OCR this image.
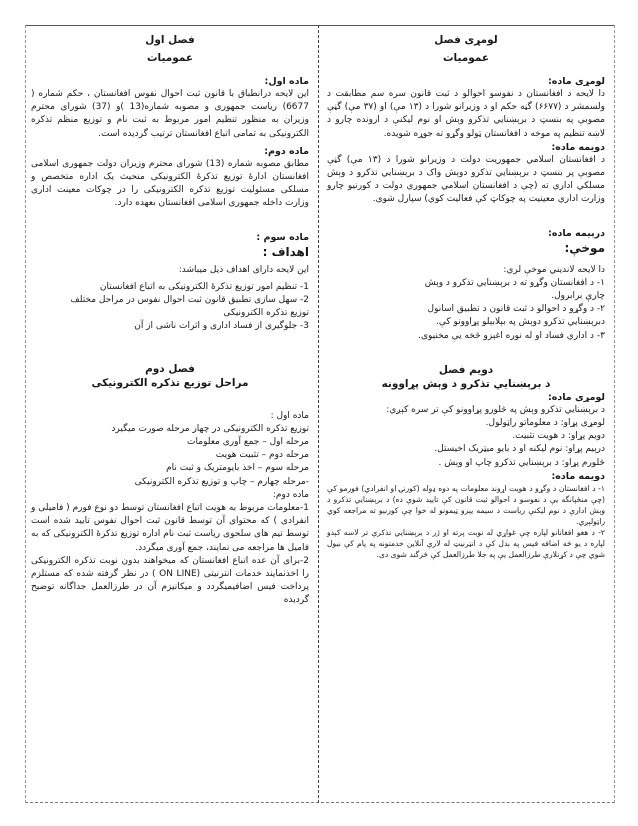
فصل اول

عمومیات

ماده اول:

این لایحه درانطباق با قانون ثبت احوال نفوس افغانستان ، حکم شماره ( 6677) ریاست جمهوری و مصوبه شماره(13 )و (37) شورای محترم وزیران به منظور تنظیم امور مربوط به ثبت نام و توزیع منظم تذکره الکترونیکی به تمامی اتباع افغانستان ترتیب گردیده است.

ماده دوم:

مطابق مصوبه شماره (13) شورای محترم وزیران دولت جمهوری اسلامی افغانستان ادارۀ توزیع تذکرۀ الکترونیکی منحیث یک اداره متخصص و مسلکی مسئولیت توزیع تذکره الکترونیکی را در چوکات معینت اداری وزارت داخله جمهوری اسلامی افغانستان بعهده دارد.

ماده سوم :

اهداف :

این لایحه دارای اهداف ذیل میباشد:

1- تنظیم امور توزیع تذکرۀ الکترونیکی به اتباع افغانستان

2- سهل سازی تطبیق قانون ثبت احوال نفوس در مراحل مختلف

توزیع تذکره الکترونیکی

3- جلوگیری از فساد اداری و اثرات ناشی از آن

فصل دوم

مراحل توزیع تذکره الکترونیکی

ماده اول :

توزیع تذکره الکترونیکی در چهار مرحله صورت میگیرد

مرحله اول – جمع آوری معلومات

مرحله دوم – تثبیت هویت

مرحله سوم – اخذ بایومتریک و ثبت نام

-مرحله چهارم – چاپ و توزیع تذکره الکترونیکی

ماده دوم:

1-معلومات مربوط به هویت اتباع افغانستان توسط دو نوع فورم ( فامیلی و انفرادی ) که محتوای آن توسط قانون ثبت احوال نفوس تایید شده است توسط تیم های سلحوی ریاست ثبت نام اداره توزیع تذکرۀ الکترونیکی که به فامیل ها مراجعه می نمایند، جمع آوری میگردد.

2-برای آن عده اتباع افغانستان که میخواهند بدون نوبت تذکره الکترونیکی را اخذنمایند خدمات انترنیتی (ON LINE ) در نظر گرفته شده که مستلزم پرداخت فیس اضافیمیگردد و میکانیزم آن در طرزالعمل جداگانه توضیح گردیده

لومړی فصل

عمومیات

لومړی ماده:

دا لایحه د افغانستان د نفوسو احوالو د ثبت قانون سره سم مطابقت د ولسمشر د (۶۶۷۷) گڼه حکم او د وزیرانو شورا د (۱۳ مې) او (۳۷ مې) گڼې مصوبې په بنسټ د برېښنايي تذکرو وېش او نوم ليکنې د ارونده چارو د لاښه تنظیم په موخه د افغانستان ټولو وگړو ته جوړه شويده.

دویمه ماده:

د افغانستان اسلامي جمهوريت دولت د وزيرانو شورا د (۱۳ مې) گڼې مصوبې پر بنسټ د برېښنايي تذکرو دوېش واک د برېښنايي تذکرو د وېش مسلکي اداري ته (چې د افغانستان اسلامي جمهوري دولت د کورنيو چارو وزارت اداري معينيت په چوکاټ کې فعاليت کوي) سپارل شوی.

درېیمه ماده:

موخې:

دا لایحه لاندیني موخې لري:

۱- د افغانستان وگړو ته د برېښنايي تذکرو د وېش

چارې برابرول.

۲- د وگړو د احوالو د ثبت قانون د تطبيق اسانول

دبرېښنايي تذکرو دوېش په بېلابېلو پړاوونو کې.

۳- د اداري فساد او له نوره اغېزو څخه يې مخنيوی.

دویم فصل

د برېښنايي تذکرو د وېش پړاوونه

لومړی ماده:

د برېښنايي تذکرو وېش په څلورو پړاوونو کې تر سره کېږي:

لومړی پړاو: د معلوماتو راټولول.

دویم پړاو: د هويت تثبيت.

درېيم پړاو: نوم ليکنه او د بايو ميټريک اخيستل.

څلورم پړاو: د برېښنايي تذکرو چاپ او وېش .

دویمه ماده:

۱- د افغانستان د وگړو د هويت اړوند معلومات په دوه ډوله (کورنۍ او انفرادي) فورمو کې (چې منځپانگه يې د نفوسو د احوالو ثبت قانون کې تاييد شوې ده) د برېښنايي تذکرو د وېش ادارې د نوم ليکنې رياست د سيمه يېزو ټيمونو له خوا چې کورنيو ته مراجعه کوي راټولېږي.

۲- د هغو افغانانو لپاره چې غواړي له نوبت پرته او ژر د برېښنايي تذکرې تر لاسه کېدو لپاره د يو څه اضافه فيس په بدل کې د انټرنيټ له لارې آنلاين خدمتونه په پام کې نيول شوي چې د کړنلارې طرزالعمل يې په جلا طرزالعمل کې څرگند شوی دی.
